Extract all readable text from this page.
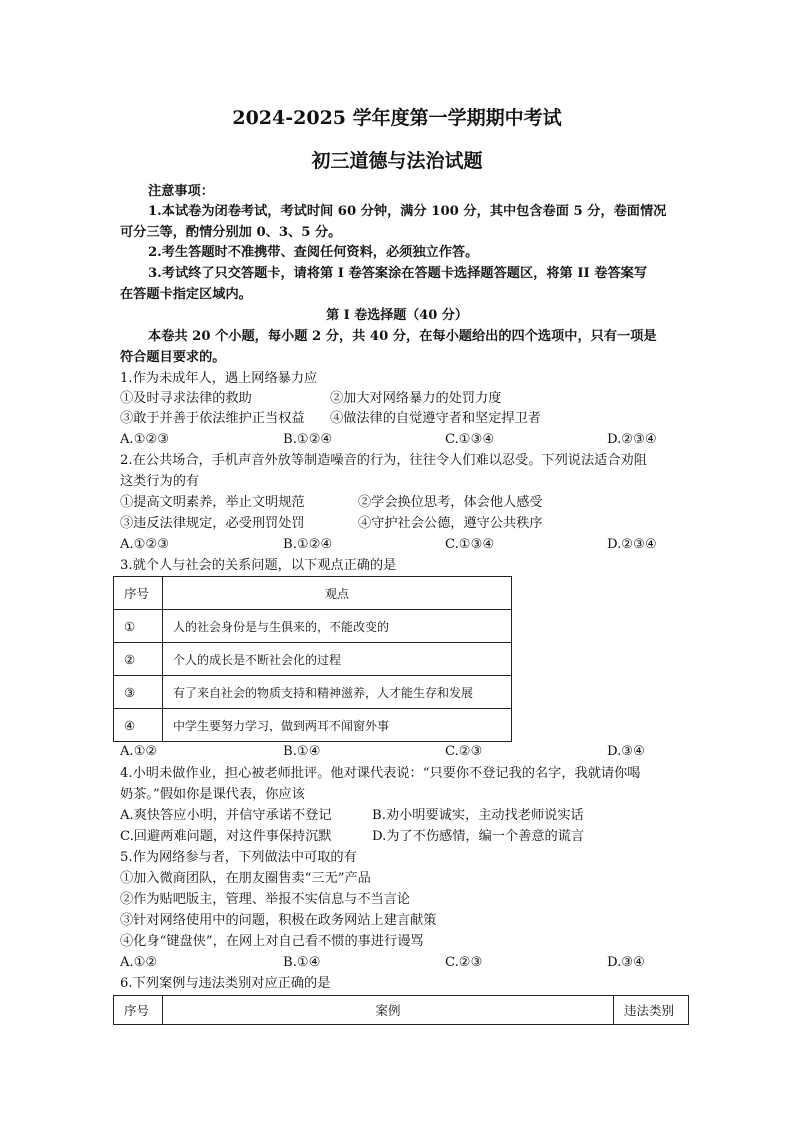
2024-2025 学年度第一学期期中考试
初三道德与法治试题
注意事项：
1.本试卷为闭卷考试，考试时间 60 分钟，满分 100 分，其中包含卷面 5 分，卷面情况
可分三等，酌情分别加 0、3、5 分。
2.考生答题时不准携带、查阅任何资料，必须独立作答。
3.考试终了只交答题卡，请将第 I 卷答案涂在答题卡选择题答题区，将第 II 卷答案写
在答题卡指定区域内。
第 I 卷选择题（40 分）
本卷共 20 个小题，每小题 2 分，共 40 分，在每小题给出的四个选项中，只有一项是
符合题目要求的。
1.作为未成年人，遇上网络暴力应
①及时寻求法律的救助	②加大对网络暴力的处罚力度
③敢于并善于依法维护正当权益 ④做法律的自觉遵守者和坚定捍卫者
A.①②③	B.①②④	C.①③④	D.②③④
2.在公共场合，手机声音外放等制造噪音的行为，往往令人们难以忍受。下列说法适合劝阻
这类行为的有
①提高文明素养，举止文明规范	②学会换位思考，体会他人感受
③违反法律规定，必受刑罚处罚	④守护社会公德，遵守公共秩序
A.①②③	B.①②④	C.①③④	D.②③④
3.就个人与社会的关系问题，以下观点正确的是
序号	观点
①	人的社会身份是与生俱来的，不能改变的
②	个人的成长是不断社会化的过程
③	有了来自社会的物质支持和精神滋养，人才能生存和发展
④	中学生要努力学习，做到两耳不闻窗外事
A.①②	B.①④	C.②③	D.③④
4.小明未做作业，担心被老师批评。他对课代表说：“只要你不登记我的名字，我就请你喝
奶茶。”假如你是课代表，你应该
A.爽快答应小明，并信守承诺不登记	B.劝小明要诚实，主动找老师说实话
C.回避两难问题，对这件事保持沉默	D.为了不伤感情，编一个善意的谎言
5.作为网络参与者，下列做法中可取的有
①加入微商团队，在朋友圈售卖“三无”产品
②作为贴吧版主，管理、举报不实信息与不当言论
③针对网络使用中的问题，积极在政务网站上建言献策
④化身“键盘侠”，在网上对自己看不惯的事进行谩骂
A.①②	B.①④	C.②③	D.③④
6.下列案例与违法类别对应正确的是
序号	案例	违法类别
